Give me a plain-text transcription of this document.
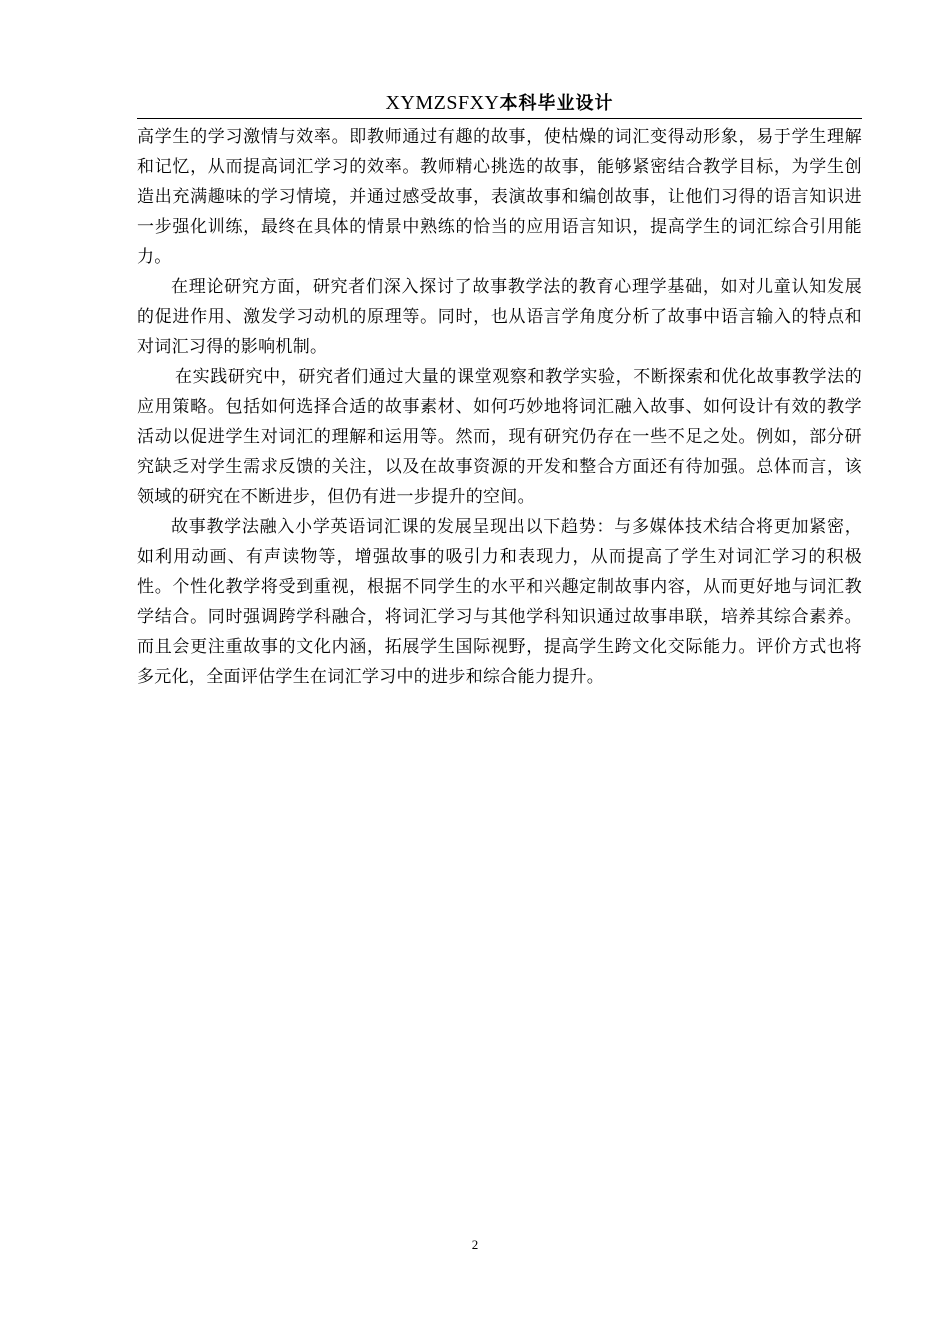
XYMZSFXY本科毕业设计

高学生的学习激情与效率。即教师通过有趣的故事，使枯燥的词汇变得动形象，易于学生理解和记忆，从而提高词汇学习的效率。教师精心挑选的故事，能够紧密结合教学目标，为学生创造出充满趣味的学习情境，并通过感受故事，表演故事和编创故事，让他们习得的语言知识进一步强化训练，最终在具体的情景中熟练的恰当的应用语言知识，提高学生的词汇综合引用能力。

在理论研究方面，研究者们深入探讨了故事教学法的教育心理学基础，如对儿童认知发展的促进作用、激发学习动机的原理等。同时，也从语言学角度分析了故事中语言输入的特点和对词汇习得的影响机制。

在实践研究中，研究者们通过大量的课堂观察和教学实验，不断探索和优化故事教学法的应用策略。包括如何选择合适的故事素材、如何巧妙地将词汇融入故事、如何设计有效的教学活动以促进学生对词汇的理解和运用等。然而，现有研究仍存在一些不足之处。例如，部分研究缺乏对学生需求反馈的关注，以及在故事资源的开发和整合方面还有待加强。总体而言，该领域的研究在不断进步，但仍有进一步提升的空间。

故事教学法融入小学英语词汇课的发展呈现出以下趋势：与多媒体技术结合将更加紧密，如利用动画、有声读物等，增强故事的吸引力和表现力，从而提高了学生对词汇学习的积极性。个性化教学将受到重视，根据不同学生的水平和兴趣定制故事内容，从而更好地与词汇教学结合。同时强调跨学科融合，将词汇学习与其他学科知识通过故事串联，培养其综合素养。而且会更注重故事的文化内涵，拓展学生国际视野，提高学生跨文化交际能力。评价方式也将多元化，全面评估学生在词汇学习中的进步和综合能力提升。

2
